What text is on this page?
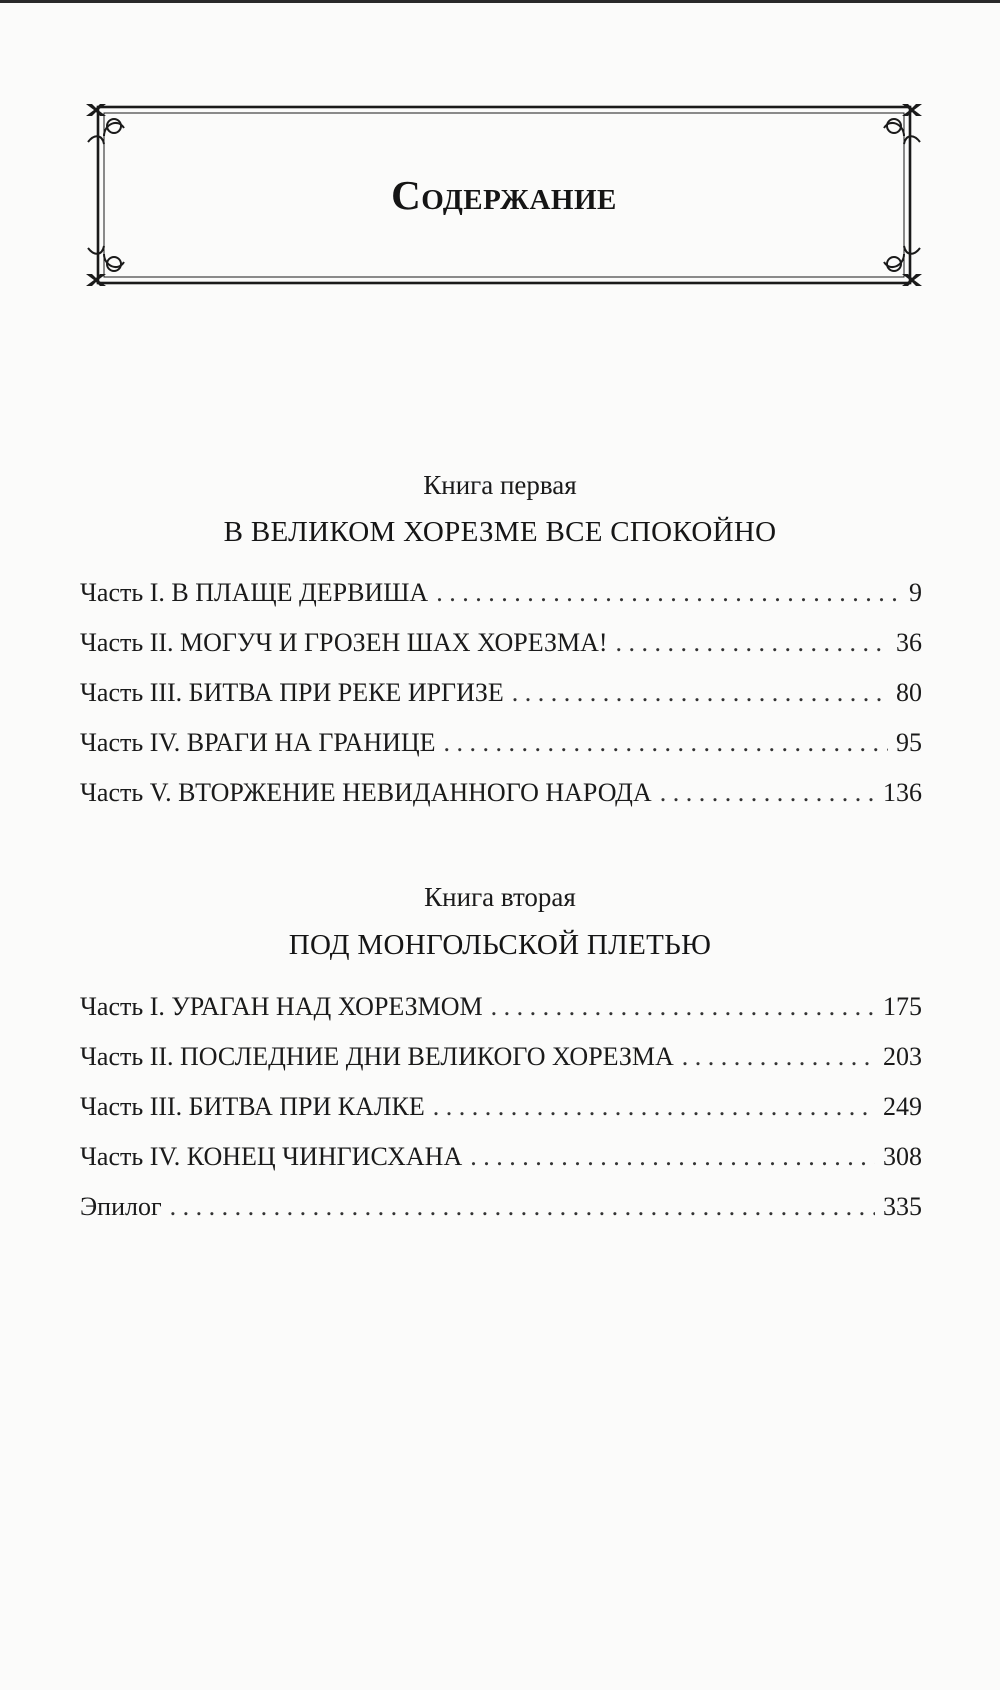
Содержание
Книга первая
В ВЕЛИКОМ ХОРЕЗМЕ ВСЕ СПОКОЙНО
Часть I. В ПЛАЩЕ ДЕРВИША . . .	9
Часть II. МОГУЧ И ГРОЗЕН ШАХ ХОРЕЗМА! . . .	36
Часть III. БИТВА ПРИ РЕКЕ ИРГИЗЕ . . .	80
Часть IV. ВРАГИ НА ГРАНИЦЕ . . .	95
Часть V. ВТОРЖЕНИЕ НЕВИДАННОГО НАРОДА . . .	136
Книга вторая
ПОД МОНГОЛЬСКОЙ ПЛЕТЬЮ
Часть I. УРАГАН НАД ХОРЕЗМОМ . . .	175
Часть II. ПОСЛЕДНИЕ ДНИ ВЕЛИКОГО ХОРЕЗМА . . .	203
Часть III. БИТВА ПРИ КАЛКЕ . . .	249
Часть IV. КОНЕЦ ЧИНГИСХАНА . . .	308
Эпилог . . .	335
